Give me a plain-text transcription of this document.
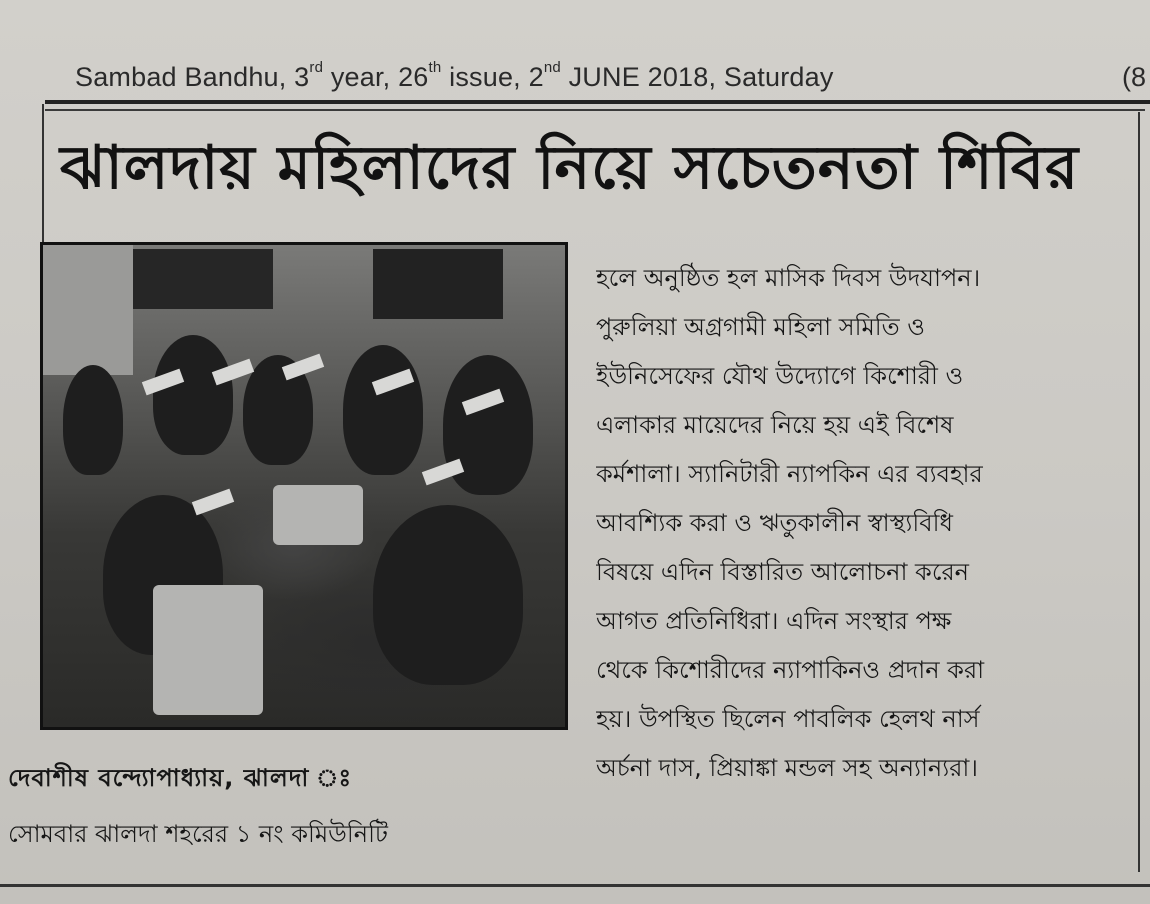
Sambad Bandhu, 3rd year, 26th issue, 2nd JUNE 2018, Saturday	(8
ঝালদায় মহিলাদের নিয়ে সচেতনতা শিবির
দেবাশীষ বন্দ্যোপাধ্যায়, ঝালদা ঃ
সোমবার ঝালদা শহরের ১ নং কমিউনিটি
হলে অনুষ্ঠিত হল মাসিক দিবস উদযাপন।
পুরুলিয়া অগ্রগামী মহিলা সমিতি ও
ইউনিসেফের যৌথ উদ্যোগে কিশোরী ও
এলাকার মায়েদের নিয়ে হয় এই বিশেষ
কর্মশালা। স্যানিটারী ন্যাপকিন এর ব্যবহার
আবশ্যিক করা ও ঋতুকালীন স্বাস্থ্যবিধি
বিষয়ে এদিন বিস্তারিত আলোচনা করেন
আগত প্রতিনিধিরা। এদিন সংস্থার পক্ষ
থেকে কিশোরীদের ন্যাপাকিনও প্রদান করা
হয়। উপস্থিত ছিলেন পাবলিক হেলথ নার্স
অর্চনা দাস, প্রিয়াঙ্কা মন্ডল সহ অন্যান্যরা।
